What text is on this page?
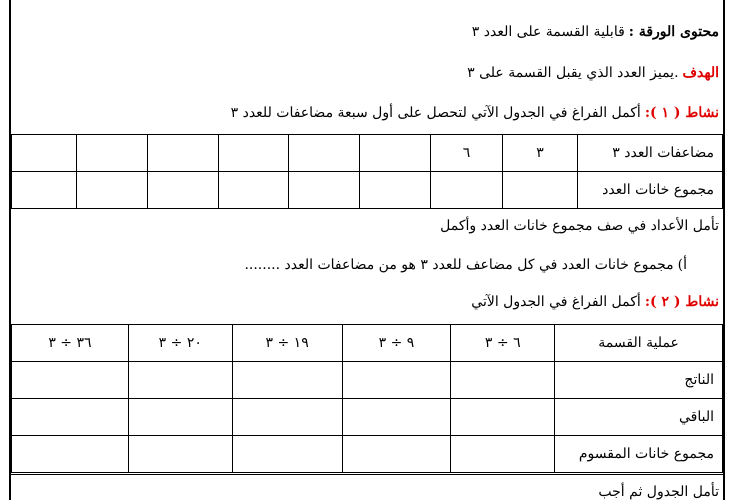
محتوى الورقة :قابلية القسمة على العدد ٣
الهدف.يميز العدد الذي يقبل القسمة على ٣
نشاط ( ١ ):أكمل الفراغ في الجدول الآتي لتحصل على أول سبعة مضاعفات للعدد ٣
مضاعفات العدد ٣	٣	٦						
مجموع خانات العدد								
تأمل الأعداد في صف مجموع خانات العدد وأكمل
أ)مجموع خانات العدد في كل مضاعف للعدد ٣ هو من مضاعفات العدد ........
نشاط ( ٢ ):أكمل الفراغ في الجدول الآتي
عملية القسمة	٦ ÷ ٣	٩ ÷ ٣	١٩ ÷ ٣	٢٠ ÷ ٣	٣٦ ÷ ٣
الناتج					
الباقي					
مجموع خانات المقسوم					
تأمل الجدول ثم أجب
